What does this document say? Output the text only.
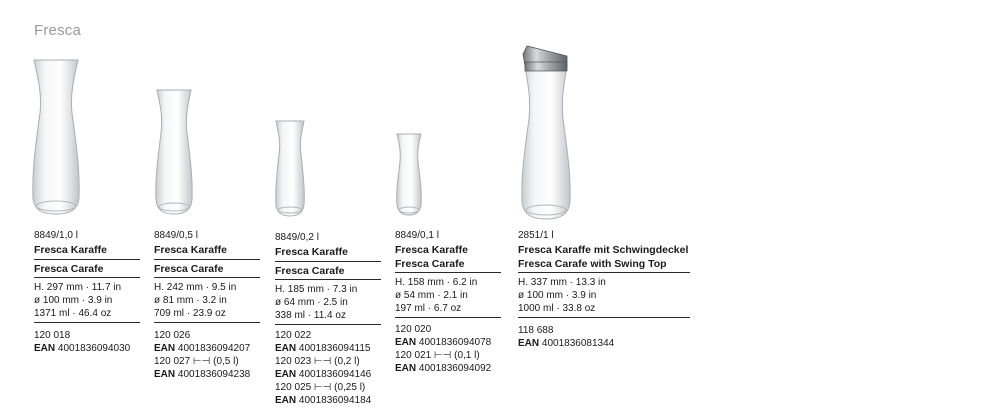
Fresca
8849/1,0 l
Fresca Karaffe
Fresca Carafe
H. 297 mm · 11.7 in
ø 100 mm · 3.9 in
1371 ml · 46.4 oz
120 018
EAN 4001836094030
8849/0,5 l
Fresca Karaffe
Fresca Carafe
H. 242 mm · 9.5 in
ø 81 mm · 3.2 in
709 ml · 23.9 oz
120 026
EAN 4001836094207
120 027 ⊢⊣ (0,5 l)
EAN 4001836094238
8849/0,2 l
Fresca Karaffe
Fresca Carafe
H. 185 mm · 7.3 in
ø 64 mm · 2.5 in
338 ml · 11.4 oz
120 022
EAN 4001836094115
120 023 ⊢⊣ (0,2 l)
EAN 4001836094146
120 025 ⊢⊣ (0,25 l)
EAN 4001836094184
8849/0,1 l
Fresca Karaffe
Fresca Carafe
H. 158 mm · 6.2 in
ø 54 mm · 2.1 in
197 ml · 6.7 oz
120 020
EAN 4001836094078
120 021 ⊢⊣ (0,1 l)
EAN 4001836094092
2851/1 l
Fresca Karaffe mit Schwingdeckel
Fresca Carafe with Swing Top
H. 337 mm · 13.3 in
ø 100 mm · 3.9 in
1000 ml · 33.8 oz
118 688
EAN 4001836081344
